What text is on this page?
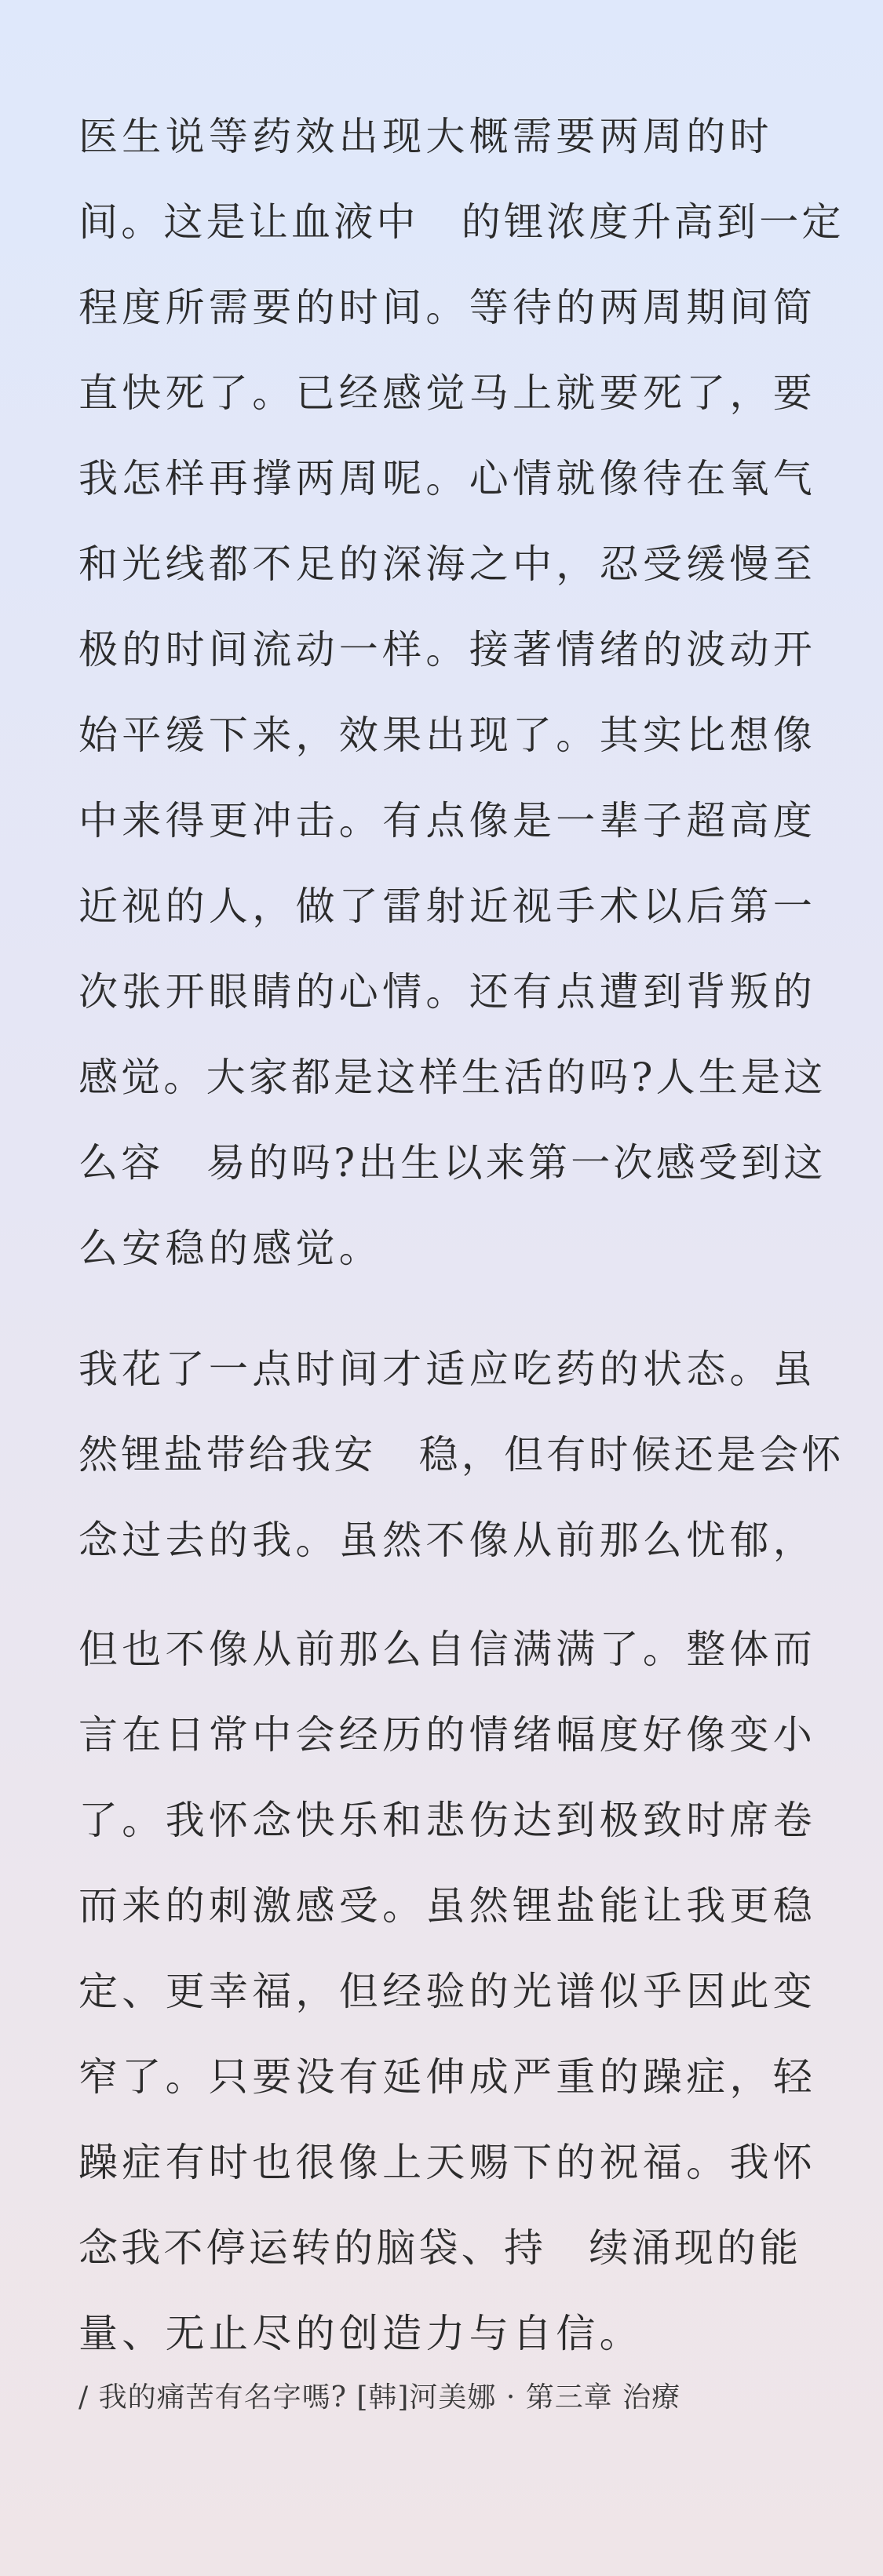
医生说等药效出现大概需要两周的时
间。这是让血液中　的锂浓度升高到一定
程度所需要的时间。等待的两周期间简
直快死了。已经感觉马上就要死了，要
我怎样再撑两周呢。心情就像待在氧气
和光线都不足的深海之中，忍受缓慢至
极的时间流动一样。接著情绪的波动开
始平缓下来，效果出现了。其实比想像
中来得更冲击。有点像是一辈子超高度
近视的人，做了雷射近视手术以后第一
次张开眼睛的心情。还有点遭到背叛的
感觉。大家都是这样生活的吗?人生是这
么容　易的吗?出生以来第一次感受到这
么安稳的感觉。
我花了一点时间才适应吃药的状态。虽
然锂盐带给我安　稳，但有时候还是会怀
念过去的我。虽然不像从前那么忧郁，
但也不像从前那么自信满满了。整体而
言在日常中会经历的情绪幅度好像变小
了。我怀念快乐和悲伤达到极致时席卷
而来的刺激感受。虽然锂盐能让我更稳
定、更幸福，但经验的光谱似乎因此变
窄了。只要没有延伸成严重的躁症，轻
躁症有时也很像上天赐下的祝福。我怀
念我不停运转的脑袋、持　续涌现的能
量、无止尽的创造力与自信。
/ 我的痛苦有名字嗎? [韩]河美娜 · 第三章 治療
